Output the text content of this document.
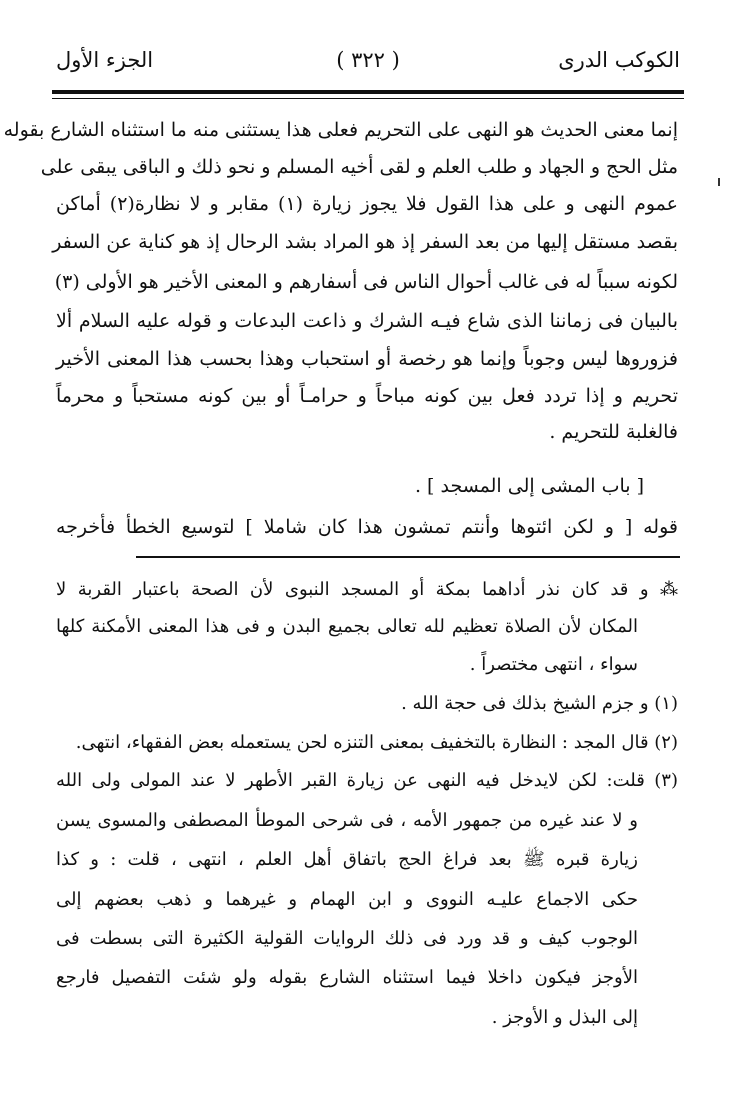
الكوكب الدرى
( ٣٢٢ )
الجزء الأول
إنما معنى الحديث هو النهى على التحريم فعلى هذا يستثنى منه ما استثناه الشارع بقوله
مثل الحج و الجهاد و طلب العلم و لقى أخيه المسلم و نحو ذلك و الباقى يبقى على
عموم النهى و على هذا القول فلا يجوز زيارة (١) مقابر و لا نظارة(٢) أماكن
بقصد مستقل إليها من بعد السفر إذ هو المراد بشد الرحال إذ هو كناية عن السفر
لكونه سبباً له فى غالب أحوال الناس فى أسفارهم و المعنى الأخير هو الأولى (٣)
بالبيان فى زماننا الذى شاع فيـه الشرك و ذاعت البدعات و قوله عليه السلام ألا
فزوروها ليس وجوباً وإنما هو رخصة أو استحباب وهذا بحسب هذا المعنى الأخير
تحريم و إذا تردد فعل بين كونه مباحاً و حرامـاً أو بين كونه مستحباً و محرماً
فالغلبة للتحريم .
[ باب المشى إلى المسجد ] .
قوله [ و لكن ائتوها وأنتم تمشون هذا كان شاملا ] لتوسيع الخطأ فأخرجه
⁂ و قد كان نذر أداهما بمكة أو المسجد النبوى لأن الصحة باعتبار القربة لا
المكان لأن الصلاة تعظيم لله تعالى بجميع البدن و فى هذا المعنى الأمكنة كلها
سواء ، انتهى مختصراً .
(١) و جزم الشيخ بذلك فى حجة الله .
(٢) قال المجد : النظارة بالتخفيف بمعنى التنزه لحن يستعمله بعض الفقهاء، انتهى.
(٣) قلت: لكن لايدخل فيه النهى عن زيارة القبر الأطهر لا عند المولى ولى الله
و لا عند غيره من جمهور الأمه ، فى شرحى الموطأ المصطفى والمسوى يسن
زيارة قبره ﷺ بعد فراغ الحج باتفاق أهل العلم ، انتهى ، قلت : و كذا
حكى الاجماع عليـه النووى و ابن الهمام و غيرهما و ذهب بعضهم إلى
الوجوب كيف و قد ورد فى ذلك الروايات القولية الكثيرة التى بسطت فى
الأوجز فيكون داخلا فيما استثناه الشارع بقوله ولو شئت التفصيل فارجع
إلى البذل و الأوجز .
